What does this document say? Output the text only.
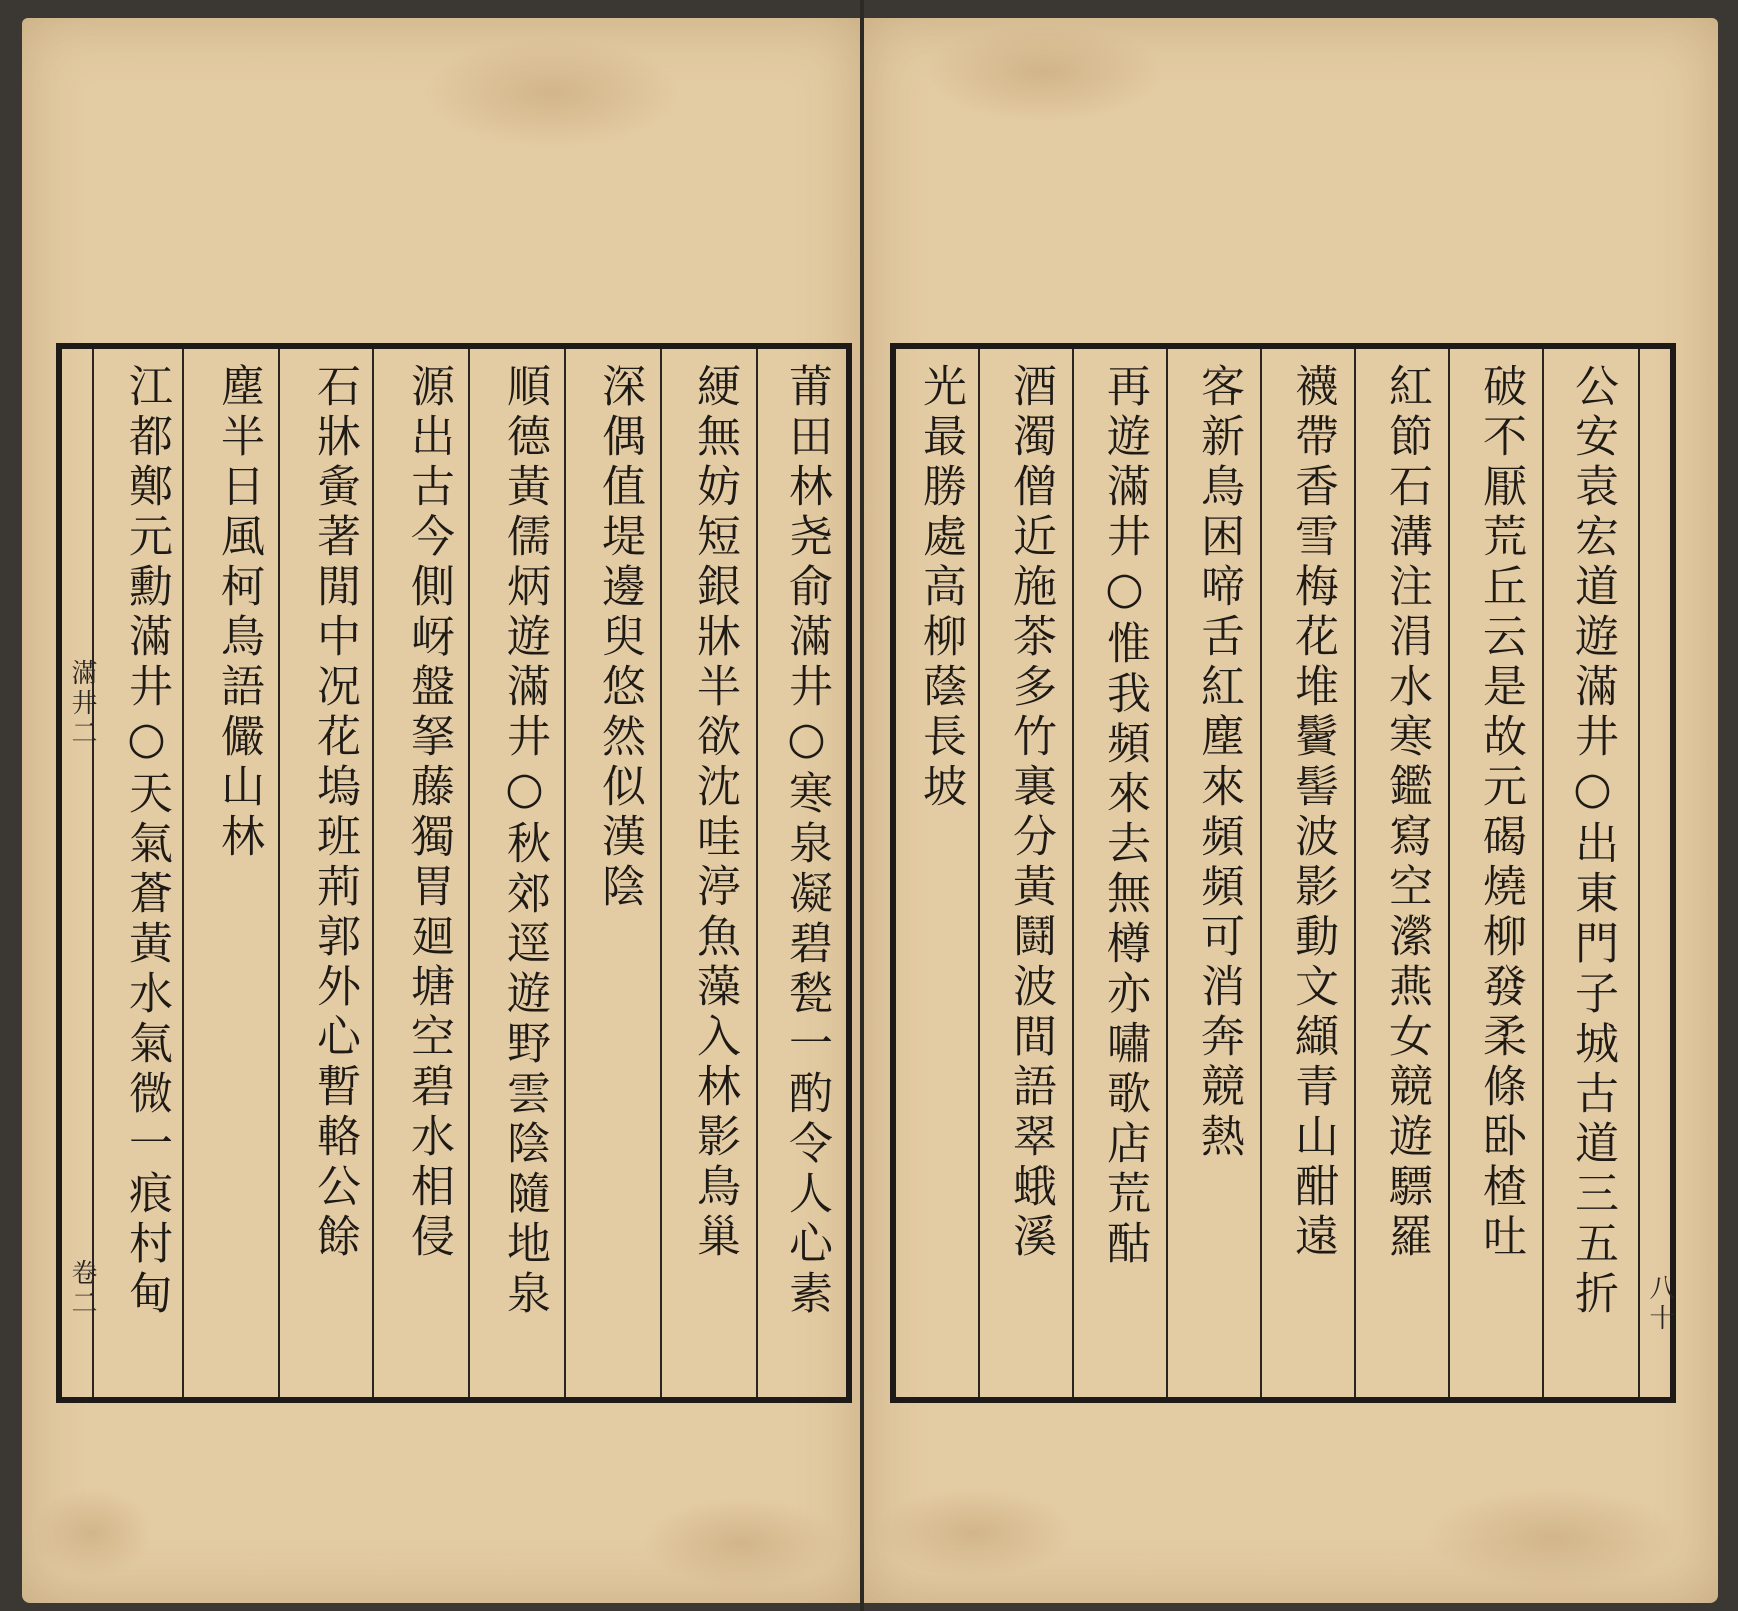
莆田林尧俞滿井○寒泉凝碧甃一酌令人心素
綆無妨短銀牀半欲沈哇渟魚藻入林影鳥巢
深偶值堤邊臾悠然似漢陰
順德黃儒炳遊滿井○秋郊逕遊野雲陰隨地泉
源出古今側岈盤拏藤獨胃廻塘空碧水相侵
石牀夤著閒中况花塢班荊郭外心暫輅公餘
塵半日風柯鳥語儼山林
江都鄭元勳滿井○天氣蒼黃水氣微一痕村甸
滿井二
卷二	公安袁宏道遊滿井○出東門子城古道三五折
破不厭荒丘云是故元碣燒柳發柔條卧楂吐
紅節石溝注涓水寒鑑寫空瀠燕女競遊驃羅
襪帶香雪梅花堆鬢髻波影動文纈青山酣遠
客新鳥困啼舌紅塵來頻頻可消奔競熱
再遊滿井○惟我頻來去無樽亦嘯歌店荒酤
酒濁僧近施茶多竹裏分黃鬪波間語翠蛾溪
光最勝處高柳蔭長坡
八十
